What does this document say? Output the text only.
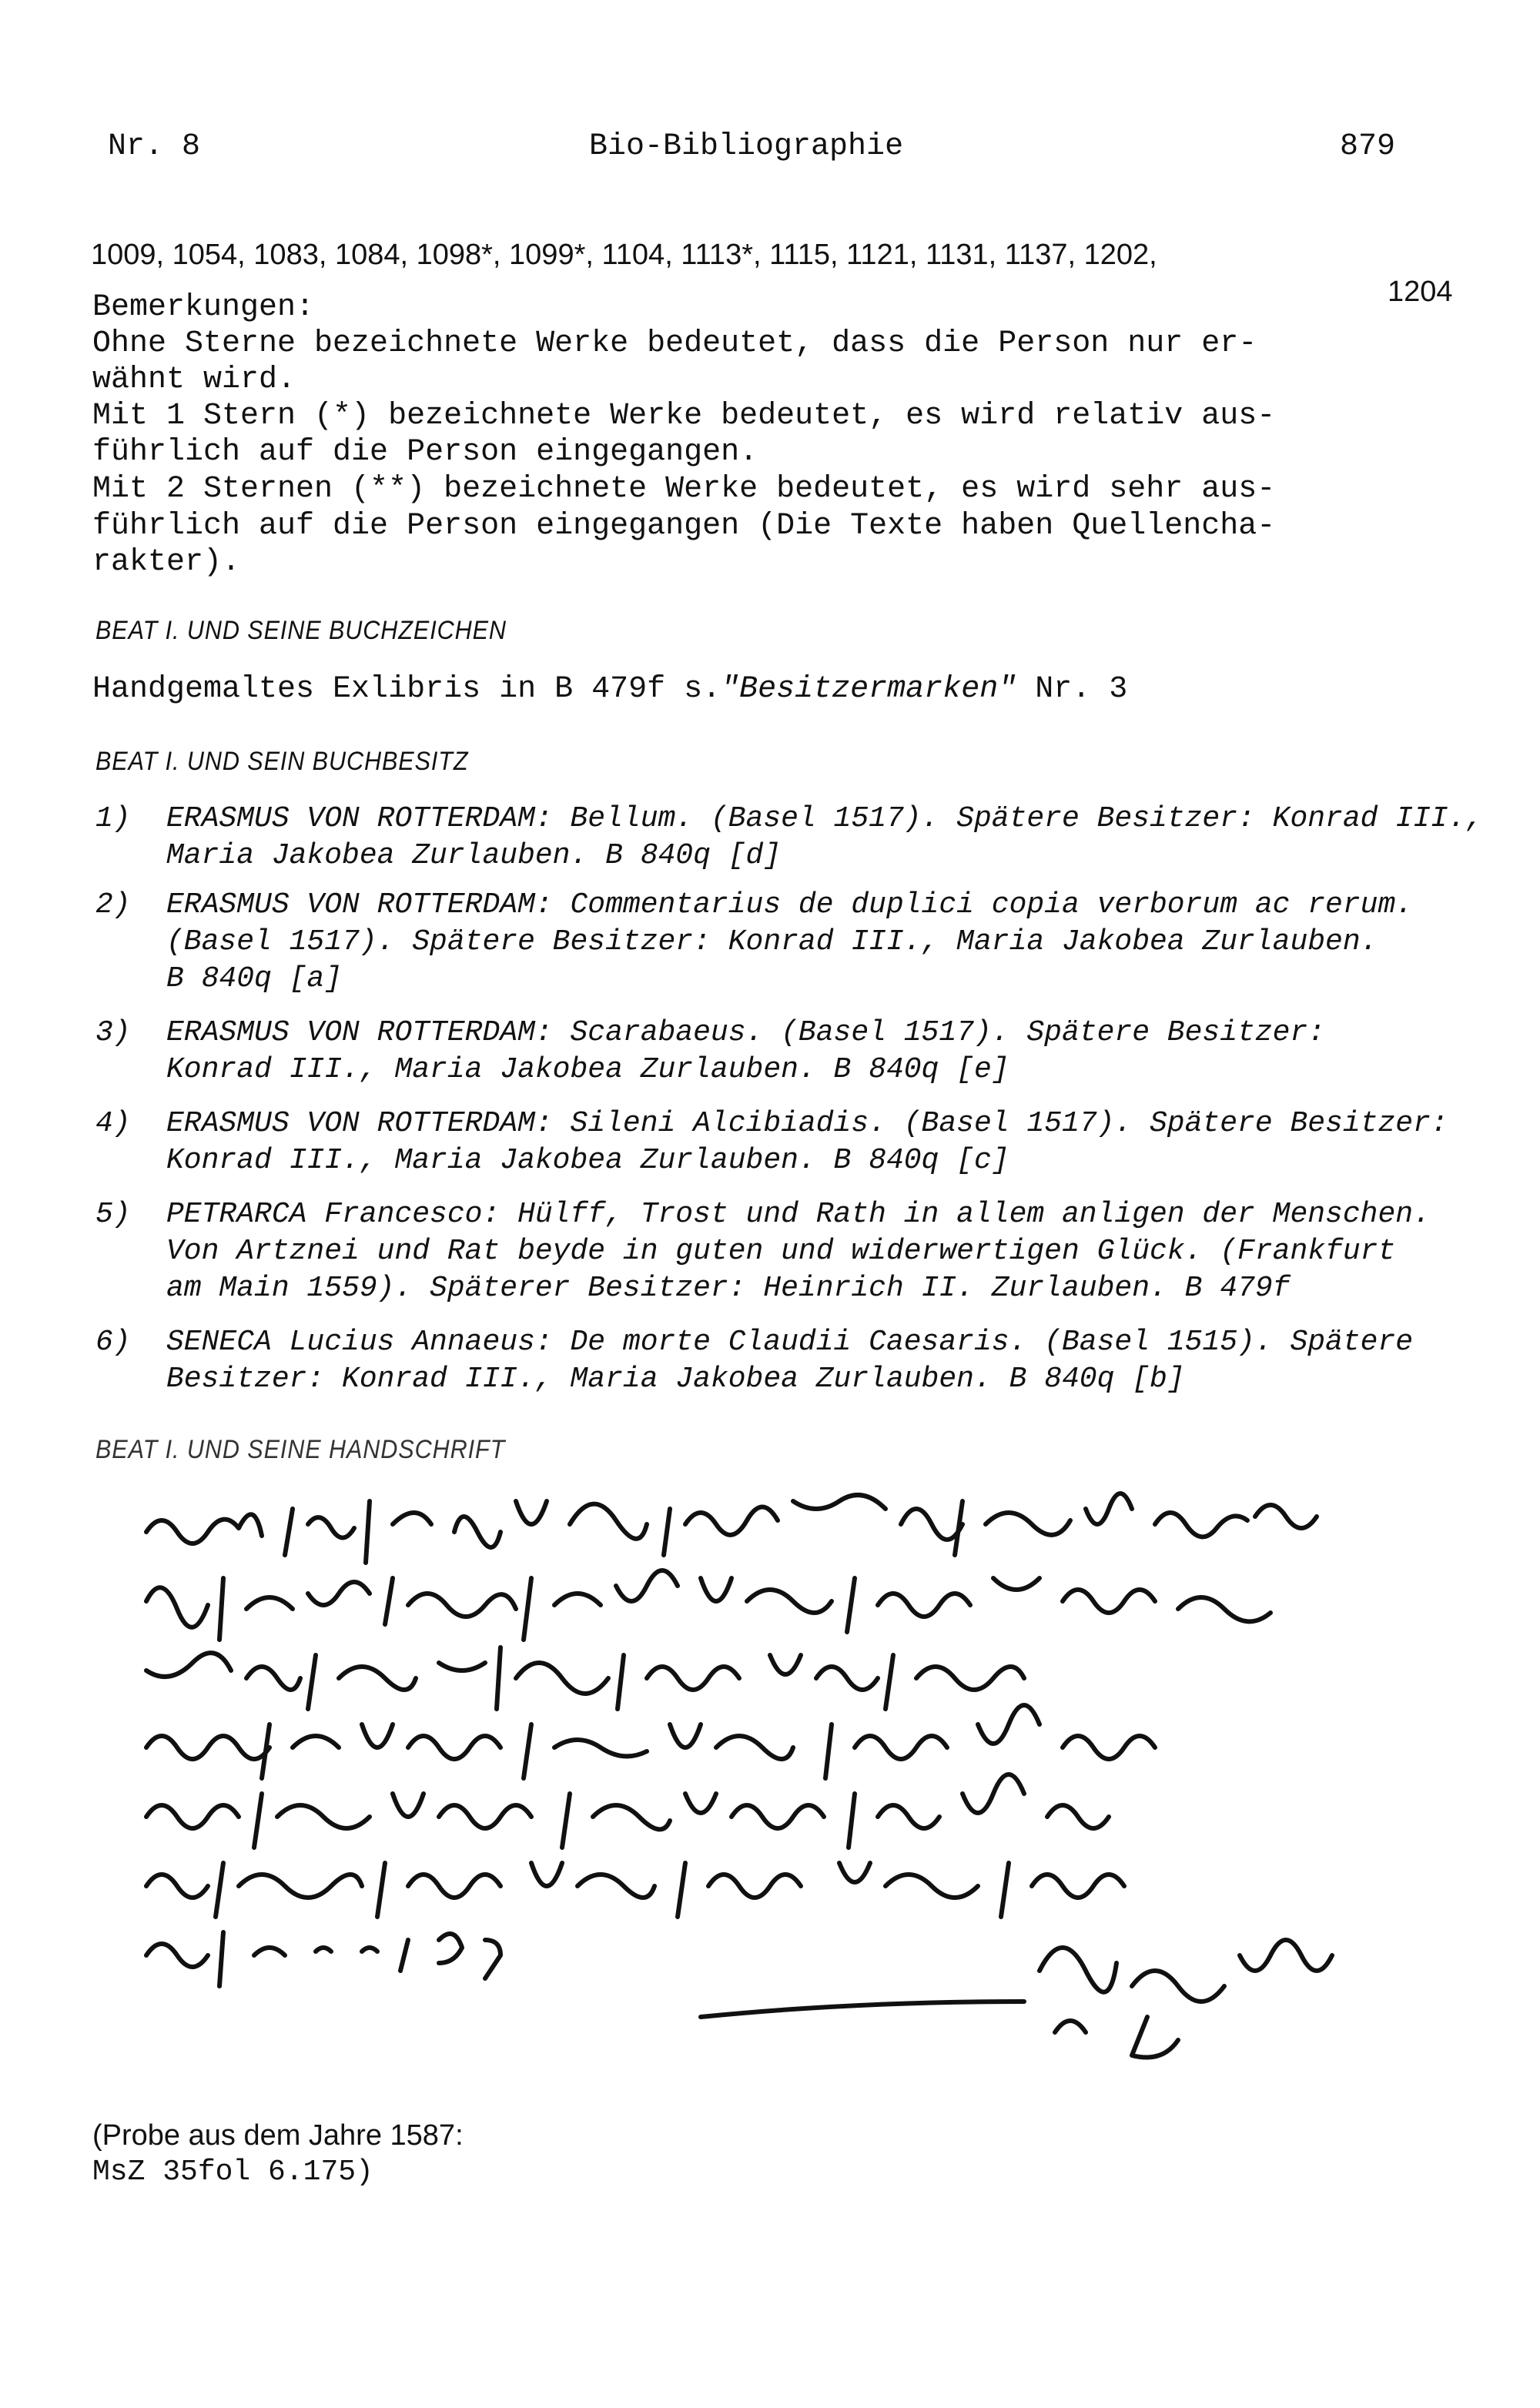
Nr. 8	Bio-Bibliographie	879
1009, 1054, 1083, 1084, 1098*, 1099*, 1104, 1113*, 1115, 1121, 1131, 1137, 1202,
1204
Bemerkungen:
Ohne Sterne bezeichnete Werke bedeutet, dass die Person nur er-
wähnt wird.
Mit 1 Stern (*) bezeichnete Werke bedeutet, es wird relativ aus-
führlich auf die Person eingegangen.
Mit 2 Sternen (**) bezeichnete Werke bedeutet, es wird sehr aus-
führlich auf die Person eingegangen (Die Texte haben Quellencha-
rakter).
BEAT I. UND SEINE BUCHZEICHEN
Handgemaltes Exlibris in B 479f s."Besitzermarken" Nr. 3
BEAT I. UND SEIN BUCHBESITZ
1) ERASMUS VON ROTTERDAM: Bellum. (Basel 1517). Spätere Besitzer: Konrad III.,
Maria Jakobea Zurlauben. B 840q [d]
2) ERASMUS VON ROTTERDAM: Commentarius de duplici copia verborum ac rerum.
(Basel 1517). Spätere Besitzer: Konrad III., Maria Jakobea Zurlauben.
B 840q [a]
3) ERASMUS VON ROTTERDAM: Scarabaeus. (Basel 1517). Spätere Besitzer:
Konrad III., Maria Jakobea Zurlauben. B 840q [e]
4) ERASMUS VON ROTTERDAM: Sileni Alcibiadis. (Basel 1517). Spätere Besitzer:
Konrad III., Maria Jakobea Zurlauben. B 840q [c]
5) PETRARCA Francesco: Hülff, Trost und Rath in allem anligen der Menschen.
Von Artznei und Rat beyde in guten und widerwertigen Glück. (Frankfurt
am Main 1559). Späterer Besitzer: Heinrich II. Zurlauben. B 479f
6) SENECA Lucius Annaeus: De morte Claudii Caesaris. (Basel 1515). Spätere
Besitzer: Konrad III., Maria Jakobea Zurlauben. B 840q [b]
BEAT I. UND SEINE HANDSCHRIFT
(Probe aus dem Jahre 1587:
MsZ 35fol 6.175)
